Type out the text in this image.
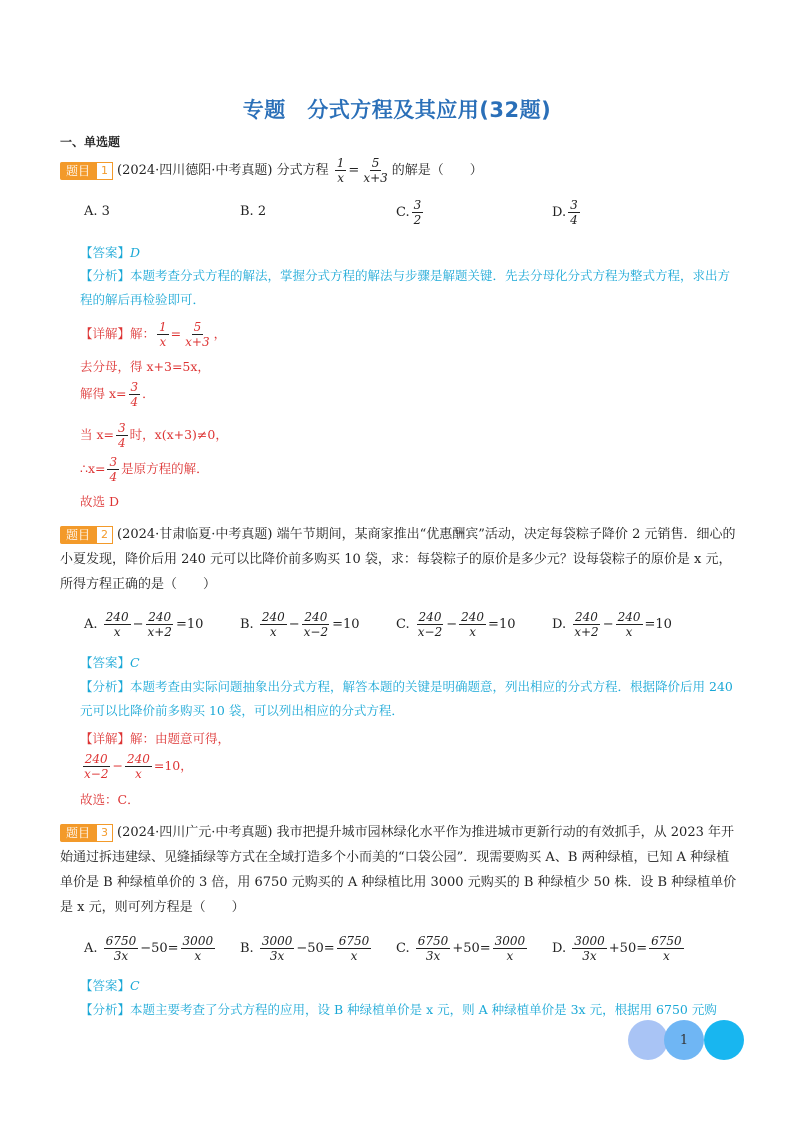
专题　分式方程及其应用(32题)
一、单选题
题目 1 (2024·四川德阳·中考真题) 分式方程 $\frac{1}{x} = \frac{5}{x+3}$ 的解是（　　）
A. 3	B. 2	C. $\frac{3}{2}$	D. $\frac{3}{4}$
【答案】D
【分析】本题考查分式方程的解法，掌握分式方程的解法与步骤是解题关键．先去分母化分式方程为整式方程，求出方程的解后再检验即可．
【详解】解： $\frac{1}{x} = \frac{5}{x+3}$ ，
去分母，得 x+3=5x，
解得 $x= \frac{3}{4}$ ．
当 $x= \frac{3}{4}$ 时，x(x+3)≠0，
∴x= $\frac{3}{4}$ 是原方程的解．
故选 D
题目 2 (2024·甘肃临夏·中考真题) 端午节期间，某商家推出“优惠酬宾”活动，决定每袋粽子降价 2 元销售．细心的小夏发现，降价后用 240 元可以比降价前多购买 10 袋，求：每袋粽子的原价是多少元？设每袋粽子的原价是 x 元，所得方程正确的是（　　）
A. $\frac{240}{x} - \frac{240}{x+2} =10$	B. $\frac{240}{x} - \frac{240}{x-2} =10$	C. $\frac{240}{x-2} - \frac{240}{x} =10$	D. $\frac{240}{x+2} - \frac{240}{x} =10$
【答案】C
【分析】本题考查由实际问题抽象出分式方程，解答本题的关键是明确题意，列出相应的分式方程．根据降价后用 240 元可以比降价前多购买 10 袋，可以列出相应的分式方程．
【详解】解：由题意可得，
$\frac{240}{x-2} - \frac{240}{x} =10$，
故选：C．
题目 3 (2024·四川广元·中考真题) 我市把提升城市园林绿化水平作为推进城市更新行动的有效抓手，从 2023 年开始通过拆违建绿、见缝插绿等方式在全域打造多个小而美的“口袋公园”．现需要购买 A、B 两种绿植，已知 A 种绿植单价是 B 种绿植单价的 3 倍，用 6750 元购买的 A 种绿植比用 3000 元购买的 B 种绿植少 50 株．设 B 种绿植单价是 x 元，则可列方程是（　　）
A. $\frac{6750}{3x} -50= \frac{3000}{x} B$. $\frac{3000}{3x} -50= \frac{6750}{x} C$. $\frac{6750}{3x} +50= \frac{3000}{x} D$. $\frac{3000}{3x} +50= \frac{6750}{x}$
【答案】C
【分析】本题主要考查了分式方程的应用，设 B 种绿植单价是 x 元，则 A 种绿植单价是 3x 元，根据用 6750 元购
1
